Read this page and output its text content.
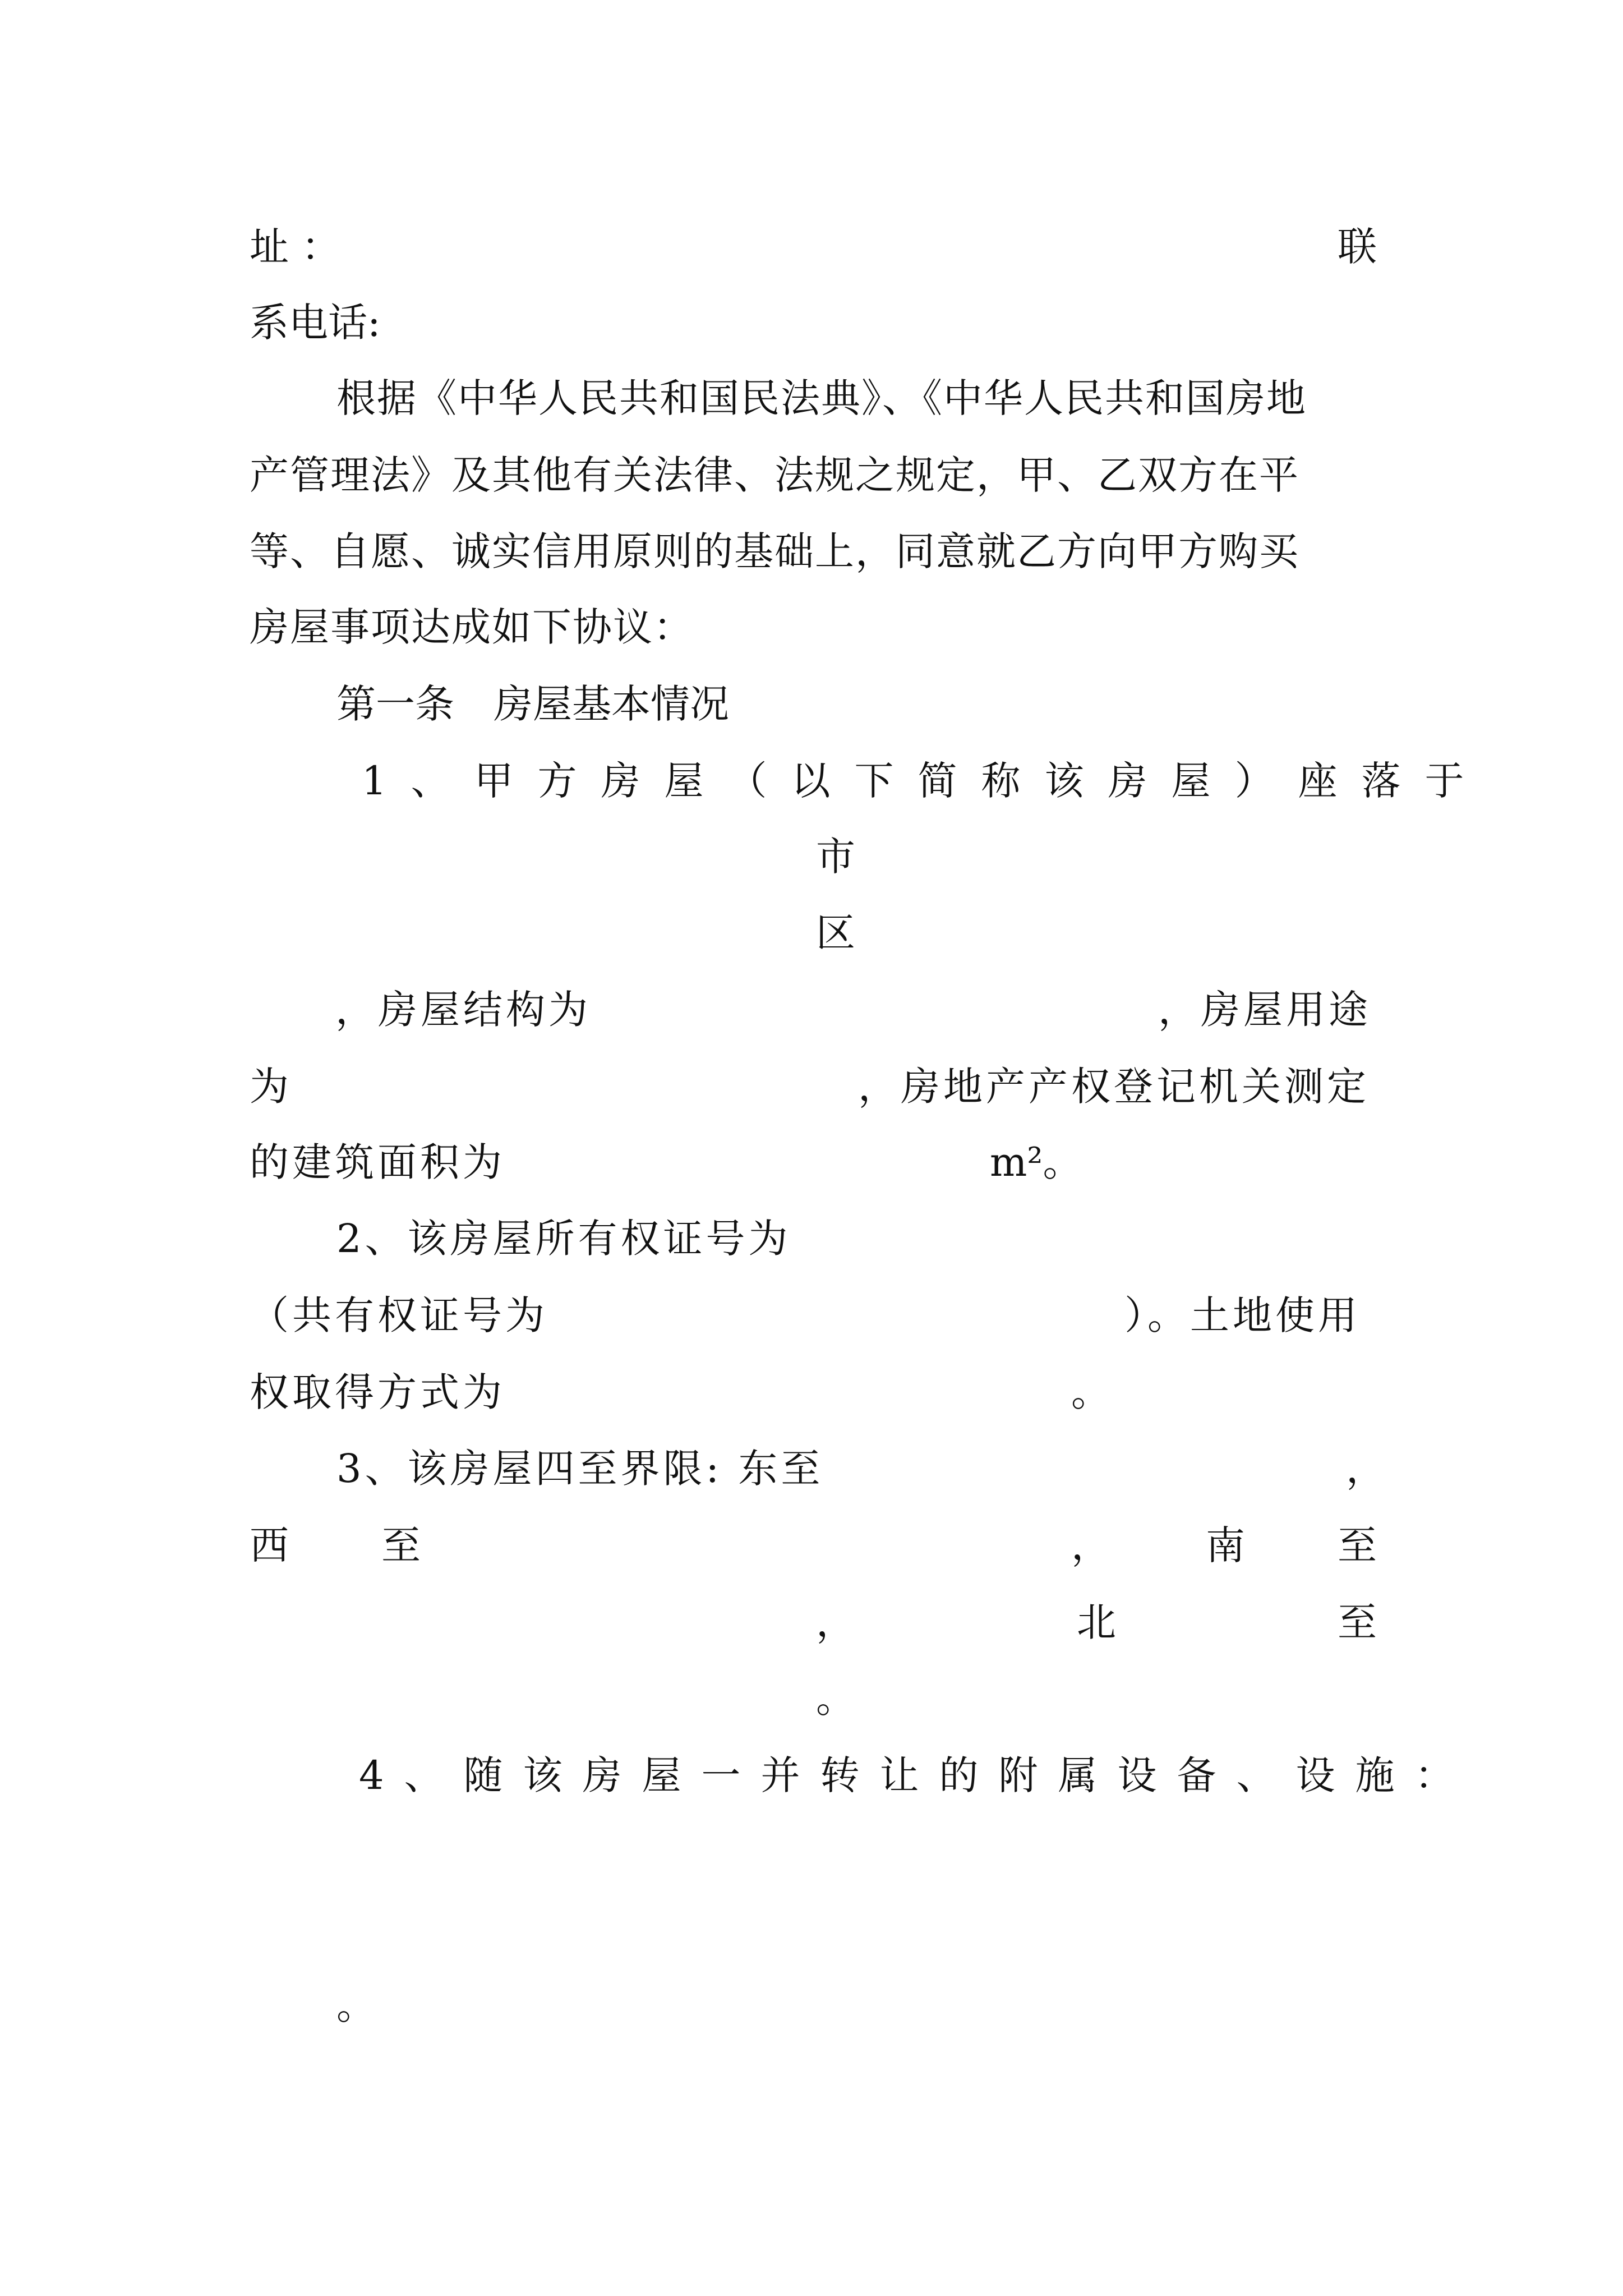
址 ：	联
系电话:
根据《中华人民共和国民法典》、《中华人民共和国房地
产管理法》及其他有关法律、法规之规定，甲、乙双方在平
等、自愿、诚实信用原则的基础上，同意就乙方向甲方购买
房屋事项达成如下协议：
第一条　房屋基本情况
1、甲方房屋（以下简称该房屋）座落于
市
区
，房屋结构为	，房屋用途
为	，房地产产权登记机关测定
的建筑面积为	m²。
2、该房屋所有权证号为
（共有权证号为	）。土地使用
权取得方式为	。
3、该房屋四至界限: 东至	，
西 至	， 南 至
，	北	至
。
4、随该房屋一并转让的附属设备、设施：
。
